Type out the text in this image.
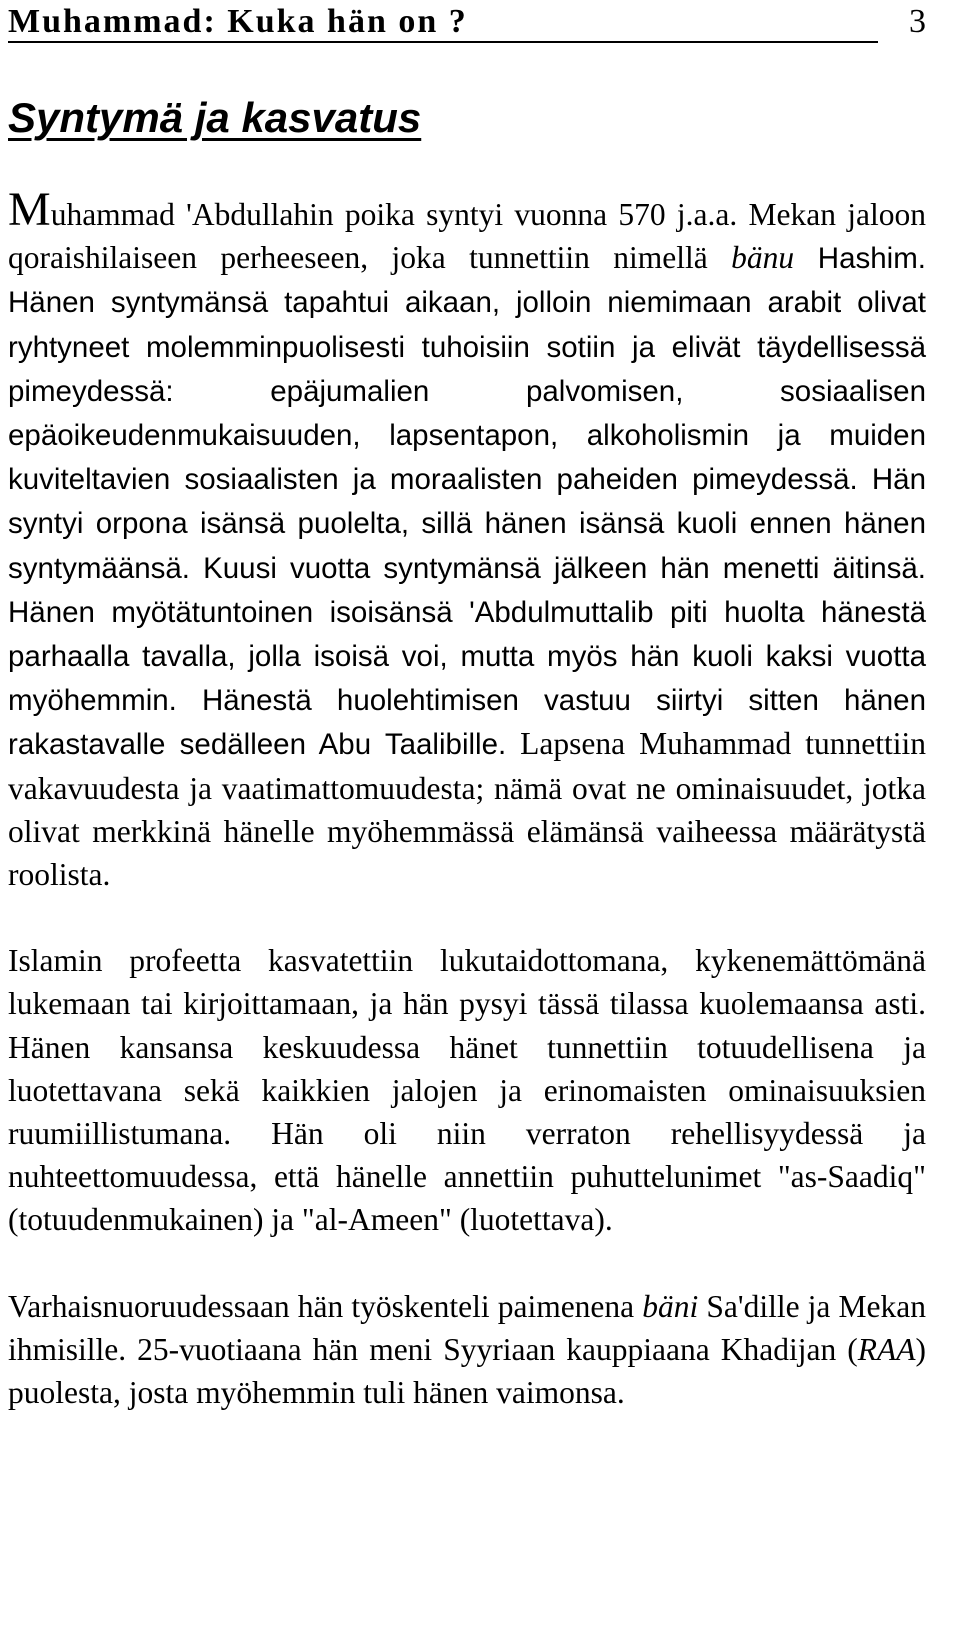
Muhammad: Kuka hän on ?	3
Syntymä ja kasvatus

Muhammad 'Abdullahin poika syntyi vuonna 570 j.a.a. Mekan jaloon qoraishilaiseen perheeseen, joka tunnettiin nimellä bänu Hashim. Hänen syntymänsä tapahtui aikaan, jolloin niemimaan arabit olivat ryhtyneet molemminpuolisesti tuhoisiin sotiin ja elivät täydellisessä pimeydessä: epäjumalien palvomisen, sosiaalisen epäoikeudenmukaisuuden, lapsentapon, alkoholismin ja muiden kuviteltavien sosiaalisten ja moraalisten paheiden pimeydessä. Hän syntyi orpona isänsä puolelta, sillä hänen isänsä kuoli ennen hänen syntymäänsä. Kuusi vuotta syntymänsä jälkeen hän menetti äitinsä. Hänen myötätuntoinen isoisänsä 'Abdulmuttalib piti huolta hänestä parhaalla tavalla, jolla isoisä voi, mutta myös hän kuoli kaksi vuotta myöhemmin. Hänestä huolehtimisen vastuu siirtyi sitten hänen rakastavalle sedälleen Abu Taalibille. Lapsena Muhammad tunnettiin vakavuudesta ja vaatimattomuudesta; nämä ovat ne ominaisuudet, jotka olivat merkkinä hänelle myöhemmässä elämänsä vaiheessa määrätystä roolista.

Islamin profeetta kasvatettiin lukutaidottomana, kykenemättömänä lukemaan tai kirjoittamaan, ja hän pysyi tässä tilassa kuolemaansa asti. Hänen kansansa keskuudessa hänet tunnettiin totuudellisena ja luotettavana sekä kaikkien jalojen ja erinomaisten ominaisuuksien ruumiillistumana. Hän oli niin verraton rehellisyydessä ja nuhteettomuudessa, että hänelle annettiin puhuttelunimet "as-Saadiq" (totuudenmukainen) ja "al-Ameen" (luotettava).

Varhaisnuoruudessaan hän työskenteli paimenena bäni Sa'dille ja Mekan ihmisille. 25-vuotiaana hän meni Syyriaan kauppiaana Khadijan (RAA) puolesta, josta myöhemmin tuli hänen vaimonsa.
